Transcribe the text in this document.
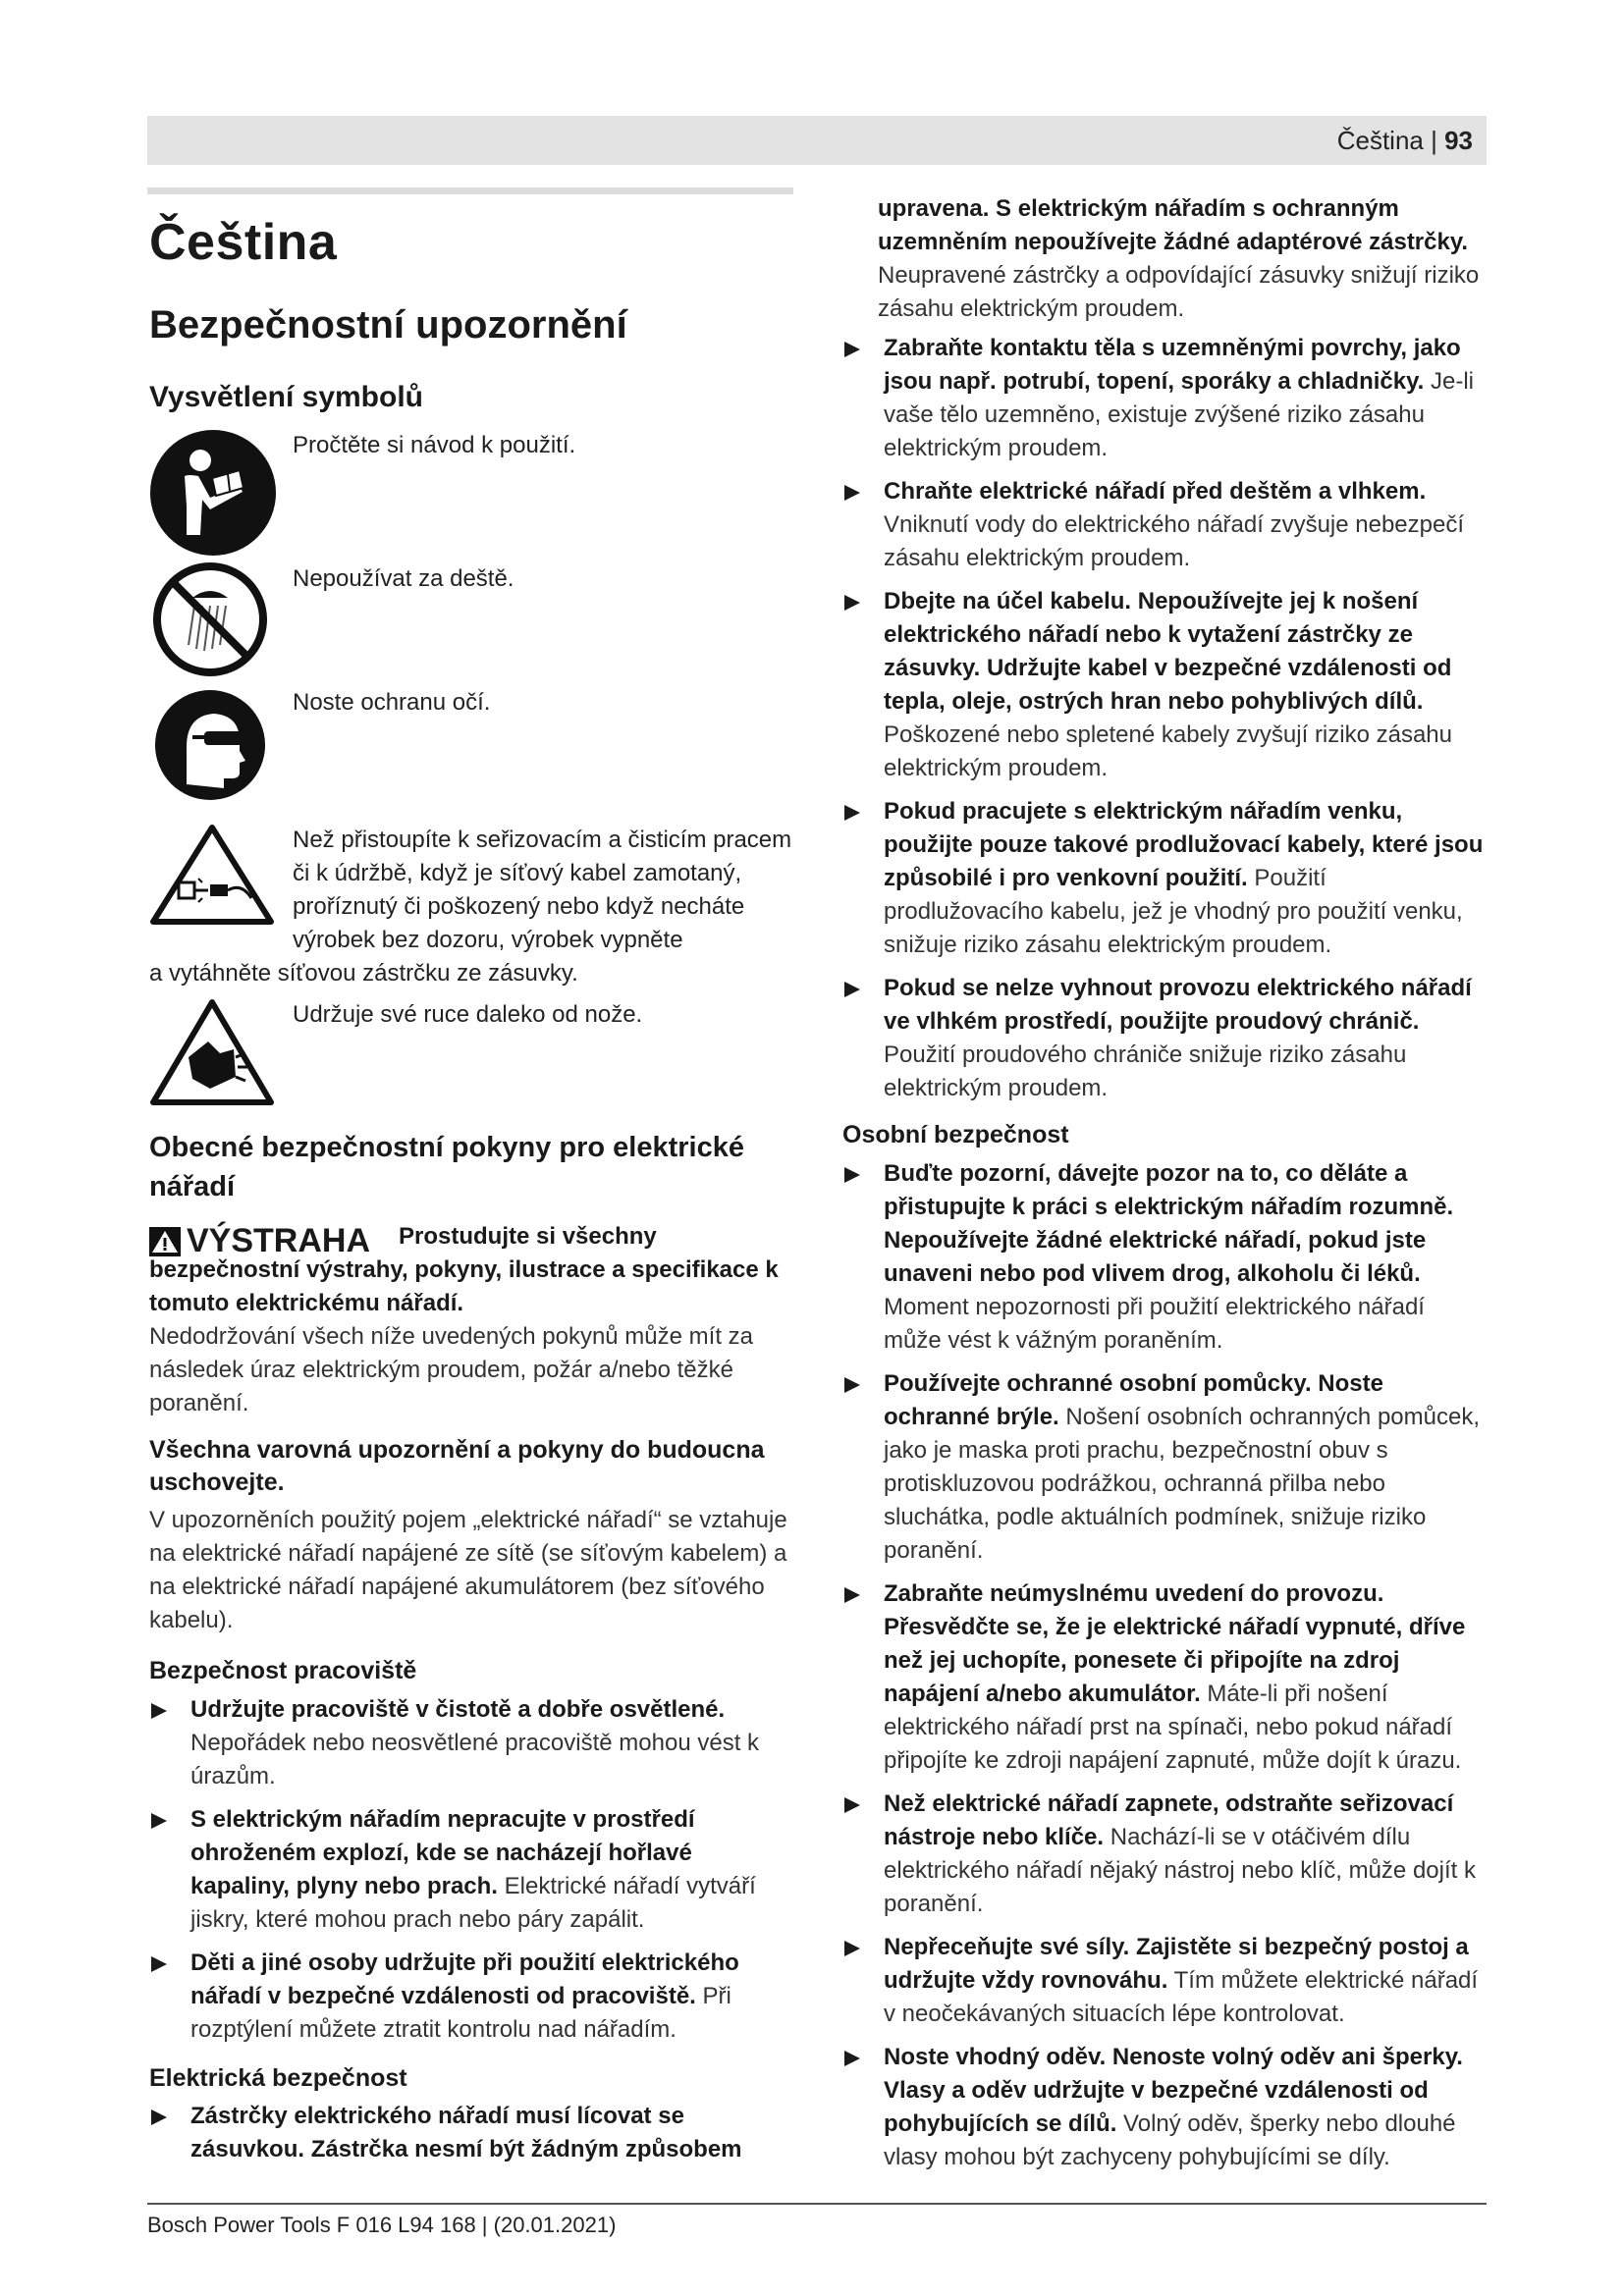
Čeština | 93
Čeština
Bezpečnostní upozornění
Vysvětlení symbolů
Pročtěte si návod k použití.
Nepoužívat za deště.
Noste ochranu očí.
Než přistoupíte k seřizovacím a čisticím pracem či k údržbě, když je síťový kabel zamotaný, proříznutý či poškozený nebo když necháte výrobek bez dozoru, výrobek vypněte
a vytáhněte síťovou zástrčku ze zásuvky.
Udržuje své ruce daleko od nože.
Obecné bezpečnostní pokyny pro elektrické nářadí
VÝSTRAHA	Prostudujte si všechny bezpečnostní výstrahy, pokyny, ilustrace a specifikace k tomuto elektrickému nářadí.

Nedodržování všech níže uvedených pokynů může mít za následek úraz elektrickým proudem, požár a/nebo těžké poranění.

Všechna varovná upozornění a pokyny do budoucna uschovejte.

V upozorněních použitý pojem „elektrické nářadí“ se vztahuje na elektrické nářadí napájené ze sítě (se síťovým kabelem) a na elektrické nářadí napájené akumulátorem (bez síťového kabelu).

Bezpečnost pracoviště
Udržujte pracoviště v čistotě a dobře osvětlené. Nepořádek nebo neosvětlené pracoviště mohou vést k úrazům.
S elektrickým nářadím nepracujte v prostředí ohroženém explozí, kde se nacházejí hořlavé kapaliny, plyny nebo prach. Elektrické nářadí vytváří jiskry, které mohou prach nebo páry zapálit.
Děti a jiné osoby udržujte při použití elektrického nářadí v bezpečné vzdálenosti od pracoviště. Při rozptýlení můžete ztratit kontrolu nad nářadím.
Elektrická bezpečnost
Zástrčky elektrického nářadí musí lícovat se zásuvkou. Zástrčka nesmí být žádným způsobem

upravena. S elektrickým nářadím s ochranným uzemněním nepoužívejte žádné adaptérové zástrčky. Neupravené zástrčky a odpovídající zásuvky snižují riziko zásahu elektrickým proudem.

Zabraňte kontaktu těla s uzemněnými povrchy, jako jsou např. potrubí, topení, sporáky a chladničky. Je-li vaše tělo uzemněno, existuje zvýšené riziko zásahu elektrickým proudem.
Chraňte elektrické nářadí před deštěm a vlhkem. Vniknutí vody do elektrického nářadí zvyšuje nebezpečí zásahu elektrickým proudem.
Dbejte na účel kabelu. Nepoužívejte jej k nošení elektrického nářadí nebo k vytažení zástrčky ze zásuvky. Udržujte kabel v bezpečné vzdálenosti od tepla, oleje, ostrých hran nebo pohyblivých dílů. Poškozené nebo spletené kabely zvyšují riziko zásahu elektrickým proudem.
Pokud pracujete s elektrickým nářadím venku, použijte pouze takové prodlužovací kabely, které jsou způsobilé i pro venkovní použití. Použití prodlužovacího kabelu, jež je vhodný pro použití venku, snižuje riziko zásahu elektrickým proudem.
Pokud se nelze vyhnout provozu elektrického nářadí ve vlhkém prostředí, použijte proudový chránič. Použití proudového chrániče snižuje riziko zásahu elektrickým proudem.
Osobní bezpečnost
Buďte pozorní, dávejte pozor na to, co děláte a přistupujte k práci s elektrickým nářadím rozumně. Nepoužívejte žádné elektrické nářadí, pokud jste unaveni nebo pod vlivem drog, alkoholu či léků. Moment nepozornosti při použití elektrického nářadí může vést k vážným poraněním.
Používejte ochranné osobní pomůcky. Noste ochranné brýle. Nošení osobních ochranných pomůcek, jako je maska proti prachu, bezpečnostní obuv s protiskluzovou podrážkou, ochranná přilba nebo sluchátka, podle aktuálních podmínek, snižuje riziko poranění.
Zabraňte neúmyslnému uvedení do provozu. Přesvědčte se, že je elektrické nářadí vypnuté, dříve než jej uchopíte, ponesete či připojíte na zdroj napájení a/nebo akumulátor. Máte-li při nošení elektrického nářadí prst na spínači, nebo pokud nářadí připojíte ke zdroji napájení zapnuté, může dojít k úrazu.
Než elektrické nářadí zapnete, odstraňte seřizovací nástroje nebo klíče. Nachází-li se v otáčivém dílu elektrického nářadí nějaký nástroj nebo klíč, může dojít k poranění.
Nepřeceňujte své síly. Zajistěte si bezpečný postoj a udržujte vždy rovnováhu. Tím můžete elektrické nářadí v neočekávaných situacích lépe kontrolovat.
Noste vhodný oděv. Nenoste volný oděv ani šperky. Vlasy a oděv udržujte v bezpečné vzdálenosti od pohybujících se dílů. Volný oděv, šperky nebo dlouhé vlasy mohou být zachyceny pohybujícími se díly.
Bosch Power Tools F 016 L94 168 | (20.01.2021)
